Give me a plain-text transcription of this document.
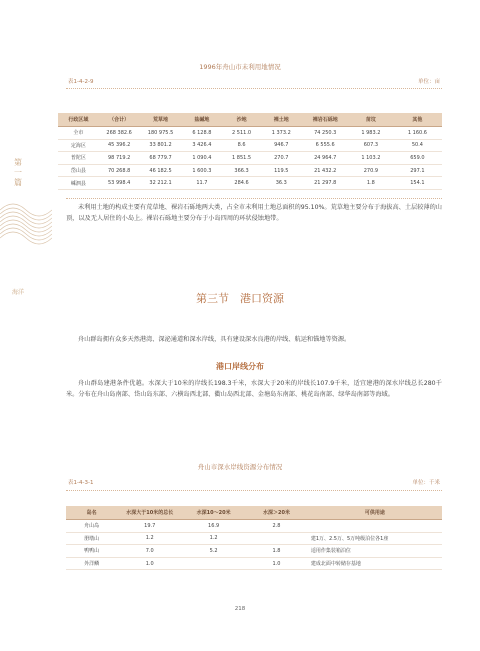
第一篇
海洋
1996年舟山市未利用地情况
表1-4-2-9	单位：亩
行政区域	（合计）	荒草地	盐碱地	沙地	裸土地	裸岩石砾地	苗坟	其他
全市	268 382.6	180 975.5	6 128.8	2 511.0	1 373.2	74 250.3	1 983.2	1 160.6
定海区	45 396.2	33 801.2	3 426.4	8.6	946.7	6 555.6	607.3	50.4
普陀区	98 719.2	68 779.7	1 090.4	1 851.5	270.7	24 964.7	1 103.2	659.0
岱山县	70 268.8	46 182.5	1 600.3	366.3	119.5	21 432.2	270.9	297.1
嵊泗县	53 998.4	32 212.1	11.7	284.6	36.3	21 297.8	1.8	154.1

未利用土地的构成主要有荒草地、裸岩石砾地两大类，占全市未利用土地总面积的95.10%。荒草地主要分布于海拔高、土层较薄的山顶，以及无人居住的小岛上。裸岩石砾地主要分布于小岛四周的环状侵蚀地带。

第三节　港口资源

舟山群岛拥有众多天然港湾、深泌通道和深水岸线，具有建设深水良港的岸线、航运和锚地等资源。

港口岸线分布

舟山群岛建港条件优越。水深大于10米的岸线长198.3千米，水深大于20米的岸线长107.9千米，适宜建港的深水岸线总长280千米。分布在舟山岛南部、岱山岛东部、六横岛西北部、衢山岛西北部、金塘岛东南部、桃花岛南部、绿华岛南部等海域。

舟山市深水岸线资源分布情况
表1-4-3-1	单位：千米
岛名	水深大于10米的总长	水深10～20米	水深＞20米	可供用途
舟山岛	19.7	16.9	2.8	
册墩山	1.2	1.2		建1万、2.5万、5万吨级泊位各1座
鸭鸭山	7.0	5.2	1.8	适用作集装箱泊位
外洋鳞	1.0		1.0	建成北面中转储存基地
218
